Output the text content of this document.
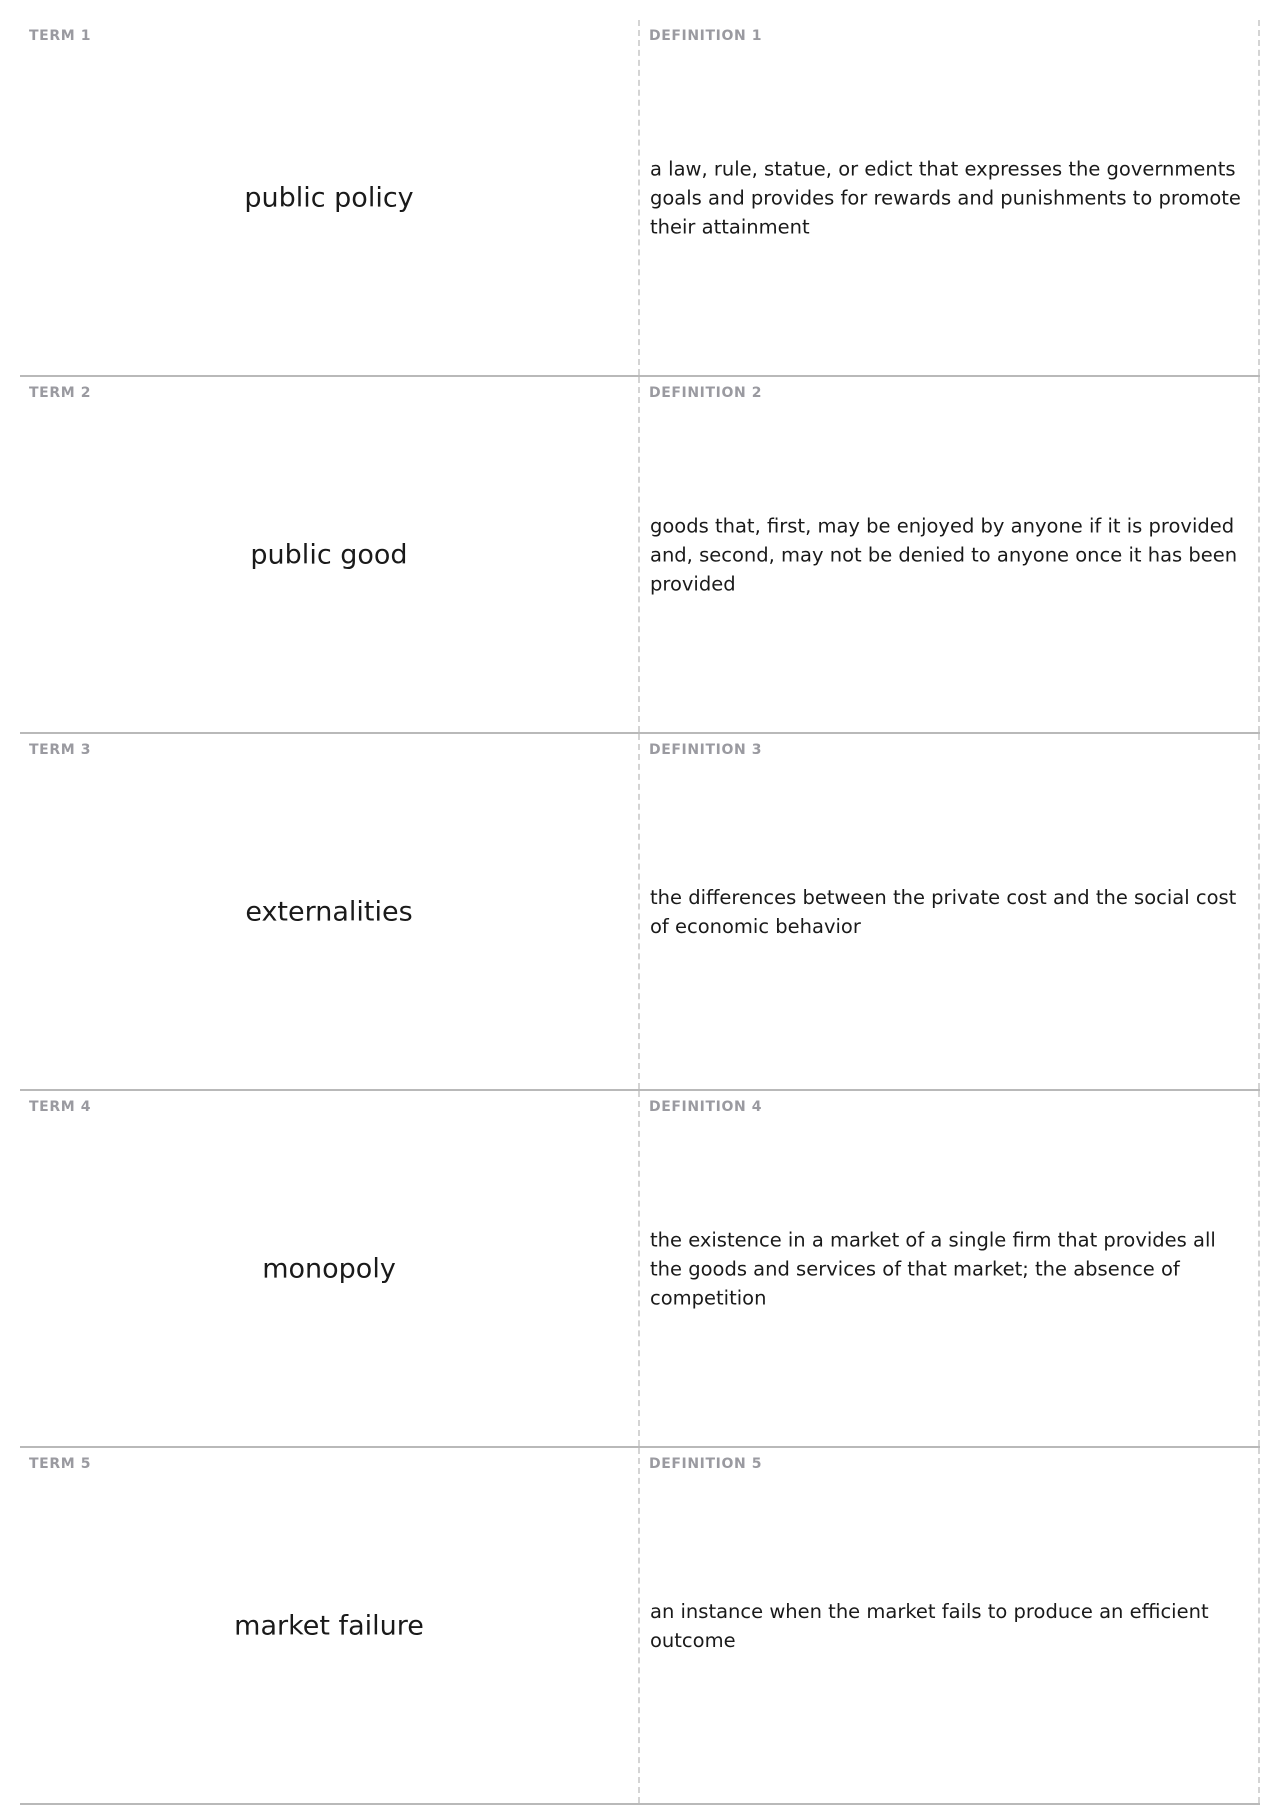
TERM 1
public policy
DEFINITION 1
a law, rule, statue, or edict that expresses the governments goals and provides for rewards and punishments to promote their attainment
TERM 2
public good
DEFINITION 2
goods that, first, may be enjoyed by anyone if it is provided and, second, may not be denied to anyone once it has been provided
TERM 3
externalities
DEFINITION 3
the differences between the private cost and the social cost of economic behavior
TERM 4
monopoly
DEFINITION 4
the existence in a market of a single firm that provides all the goods and services of that market; the absence of competition
TERM 5
market failure
DEFINITION 5
an instance when the market fails to produce an efficient outcome
